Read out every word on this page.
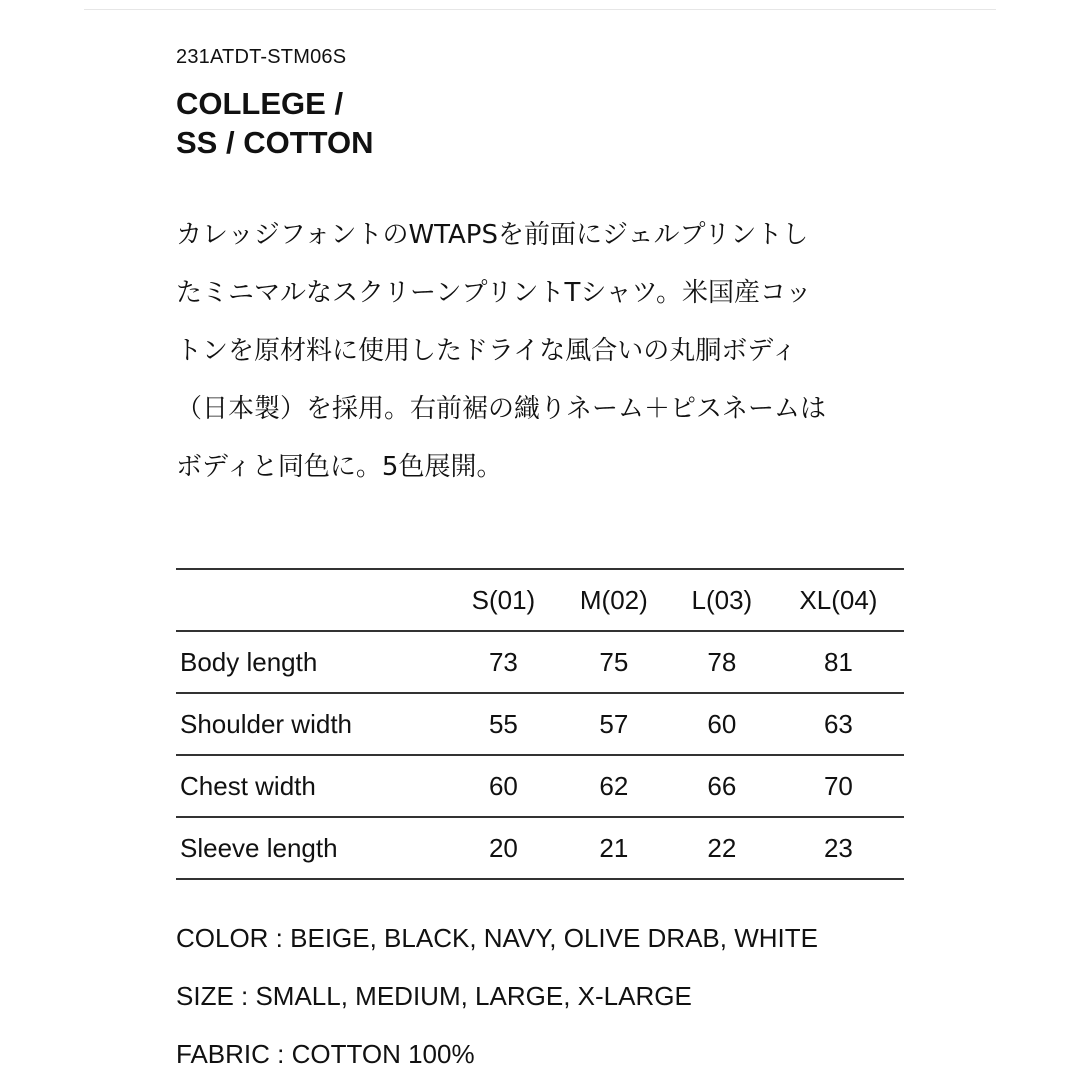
231ATDT-STM06S
COLLEGE /
SS / COTTON

カレッジフォントのWTAPSを前面にジェルプリントし
たミニマルなスクリーンプリントTシャツ。米国産コッ
トンを原材料に使用したドライな風合いの丸胴ボディ
（日本製）を採用。右前裾の織りネーム＋ピスネームは
ボディと同色に。5色展開。

	S(01)	M(02)	L(03)	XL(04)
Body length	73	75	78	81
Shoulder width	55	57	60	63
Chest width	60	62	66	70
Sleeve length	20	21	22	23
COLOR : BEIGE, BLACK, NAVY, OLIVE DRAB, WHITE
SIZE : SMALL, MEDIUM, LARGE, X-LARGE
FABRIC : COTTON 100%
